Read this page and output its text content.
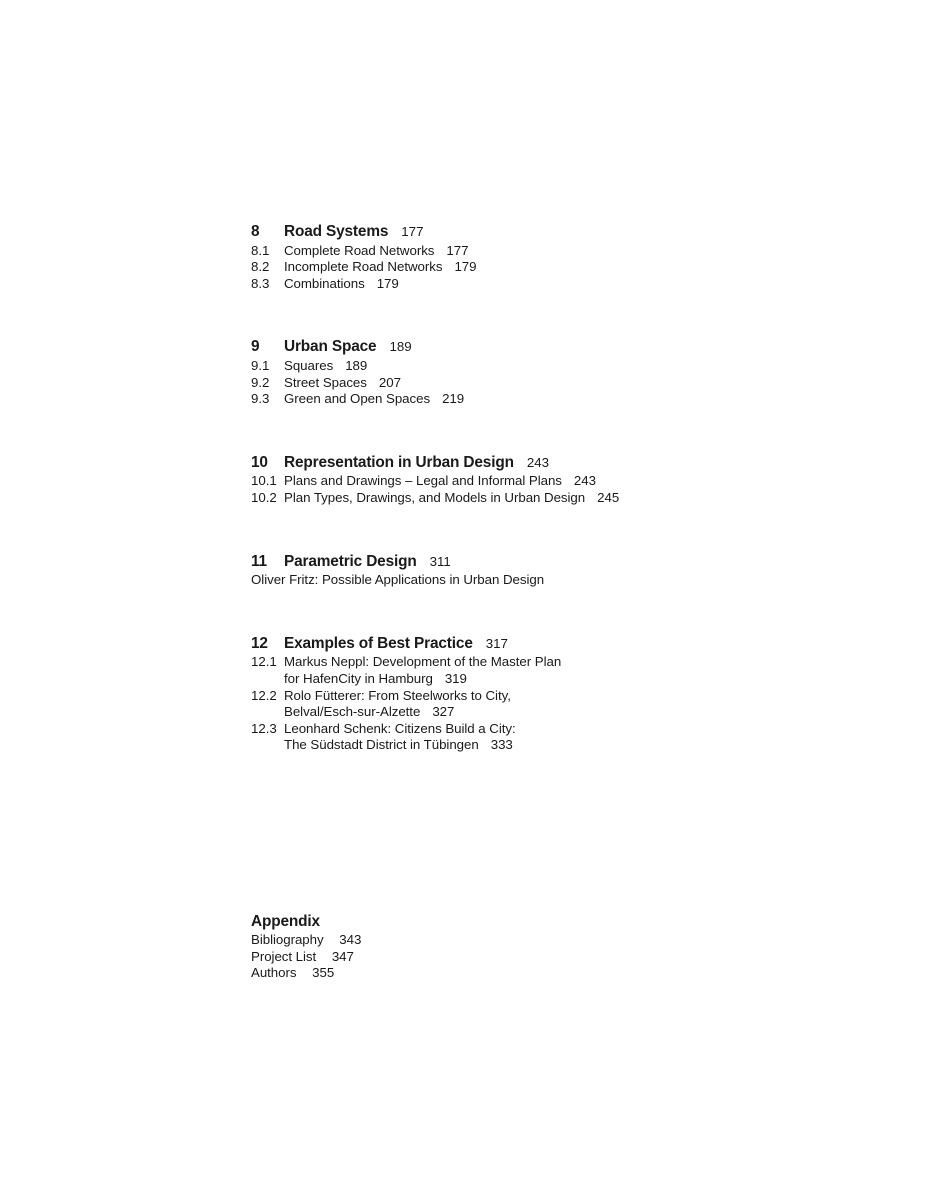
8	Road Systems 177
8.1	Complete Road Networks 177
8.2	Incomplete Road Networks 179
8.3	Combinations 179
9	Urban Space 189
9.1	Squares 189
9.2	Street Spaces 207
9.3	Green and Open Spaces 219
10	Representation in Urban Design 243
10.1 Plans and Drawings – Legal and Informal Plans 243
10.2 Plan Types, Drawings, and Models in Urban Design 245
11	Parametric Design 311
Oliver Fritz: Possible Applications in Urban Design
12	Examples of Best Practice 317
12.1 Markus Neppl: Development of the Master Plan
for HafenCity in Hamburg 319
12.2 Rolo Fütterer: From Steelworks to City,
Belval/Esch-sur-Alzette 327
12.3 Leonhard Schenk: Citizens Build a City:
The Südstadt District in Tübingen 333
Appendix
Bibliography 343
Project List 347
Authors 355
